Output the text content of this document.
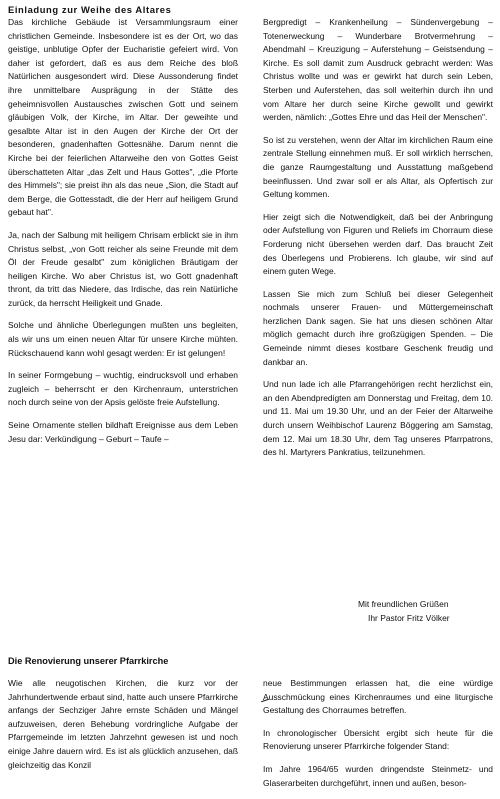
Einladung zur Weihe des Altares

Das kirchliche Gebäude ist Versammlungsraum einer christlichen Gemeinde. Insbesondere ist es der Ort, wo das geistige, unblutige Opfer der Eucharistie gefeiert wird. Von daher ist gefordert, daß es aus dem Reiche des bloß Natürlichen ausgesondert wird. Diese Aussonderung findet ihre unmittelbare Ausprägung in der Stätte des geheimnisvollen Austausches zwischen Gott und seinem gläubigen Volk, der Kirche, im Altar. Der geweihte und gesalbte Altar ist in den Augen der Kirche der Ort der besonderen, gnadenhaften Gottesnähe. Darum nennt die Kirche bei der feierlichen Altarweihe den von Gottes Geist überschatteten Altar „das Zelt und Haus Gottes", „die Pforte des Himmels"; sie preist ihn als das neue „Sion, die Stadt auf dem Berge, die Gottesstadt, die der Herr auf heiligem Grund gebaut hat".

Ja, nach der Salbung mit heiligem Chrisam erblickt sie in ihm Christus selbst, „von Gott reicher als seine Freunde mit dem Öl der Freude gesalbt" zum königlichen Bräutigam der heiligen Kirche. Wo aber Christus ist, wo Gott gnadenhaft thront, da tritt das Niedere, das Irdische, das rein Natürliche zurück, da herrscht Heiligkeit und Gnade.

Solche und ähnliche Überlegungen mußten uns begleiten, als wir uns um einen neuen Altar für unsere Kirche mühten. Rückschauend kann wohl gesagt werden: Er ist gelungen!

In seiner Formgebung – wuchtig, eindrucksvoll und erhaben zugleich – beherrscht er den Kirchenraum, unterstrichen noch durch seine von der Apsis gelöste freie Aufstellung.

Seine Ornamente stellen bildhaft Ereignisse aus dem Leben Jesu dar: Verkündigung – Geburt – Taufe –

Bergpredigt – Krankenheilung – Sündenvergebung – Totenerweckung – Wunderbare Brotvermehrung – Abendmahl – Kreuzigung – Auferstehung – Geistsendung – Kirche. Es soll damit zum Ausdruck gebracht werden: Was Christus wollte und was er gewirkt hat durch sein Leben, Sterben und Auferstehen, das soll weiterhin durch ihn und vom Altare her durch seine Kirche gewollt und gewirkt werden, nämlich: „Gottes Ehre und das Heil der Menschen".

So ist zu verstehen, wenn der Altar im kirchlichen Raum eine zentrale Stellung einnehmen muß. Er soll wirklich herrschen, die ganze Raumgestaltung und Ausstattung maßgebend beeinflussen. Und zwar soll er als Altar, als Opfertisch zur Geltung kommen.

Hier zeigt sich die Notwendigkeit, daß bei der Anbringung oder Aufstellung von Figuren und Reliefs im Chorraum diese Forderung nicht übersehen werden darf. Das braucht Zeit des Überlegens und Probierens. Ich glaube, wir sind auf einem guten Wege.

Lassen Sie mich zum Schluß bei dieser Gelegenheit nochmals unserer Frauen- und Müttergemeinschaft herzlichen Dank sagen. Sie hat uns diesen schönen Altar möglich gemacht durch ihre großzügigen Spenden. – Die Gemeinde nimmt dieses kostbare Geschenk freudig und dankbar an.

Und nun lade ich alle Pfarrangehörigen recht herzlichst ein, an den Abendpredigten am Donnerstag und Freitag, dem 10. und 11. Mai um 19.30 Uhr, und an der Feier der Altarweihe durch unsern Weihbischof Laurenz Böggering am Samstag, dem 12. Mai um 18.30 Uhr, dem Tag unseres Pfarrpatrons, des hl. Martyrers Pankratius, teilzunehmen.

Mit freundlichen Grüßen
Ihr Pastor Fritz Völker
Die Renovierung unserer Pfarrkirche

Wie alle neugotischen Kirchen, die kurz vor der Jahrhundertwende erbaut sind, hatte auch unsere Pfarrkirche anfangs der Sechziger Jahre ernste Schäden und Mängel aufzuweisen, deren Behebung vordringliche Aufgabe der Pfarrgemeinde im letzten Jahrzehnt gewesen ist und noch einige Jahre dauern wird. Es ist als glücklich anzusehen, daß gleichzeitig das Konzil

neue Bestimmungen erlassen hat, die eine würdige Ausschmückung eines Kirchenraumes und eine liturgische Gestaltung des Chorraumes betreffen.

In chronologischer Übersicht ergibt sich heute für die Renovierung unserer Pfarrkirche folgender Stand:

Im Jahre 1964/65 wurden dringendste Steinmetz- und Glaserarbeiten durchgeführt, innen und außen, beson-
